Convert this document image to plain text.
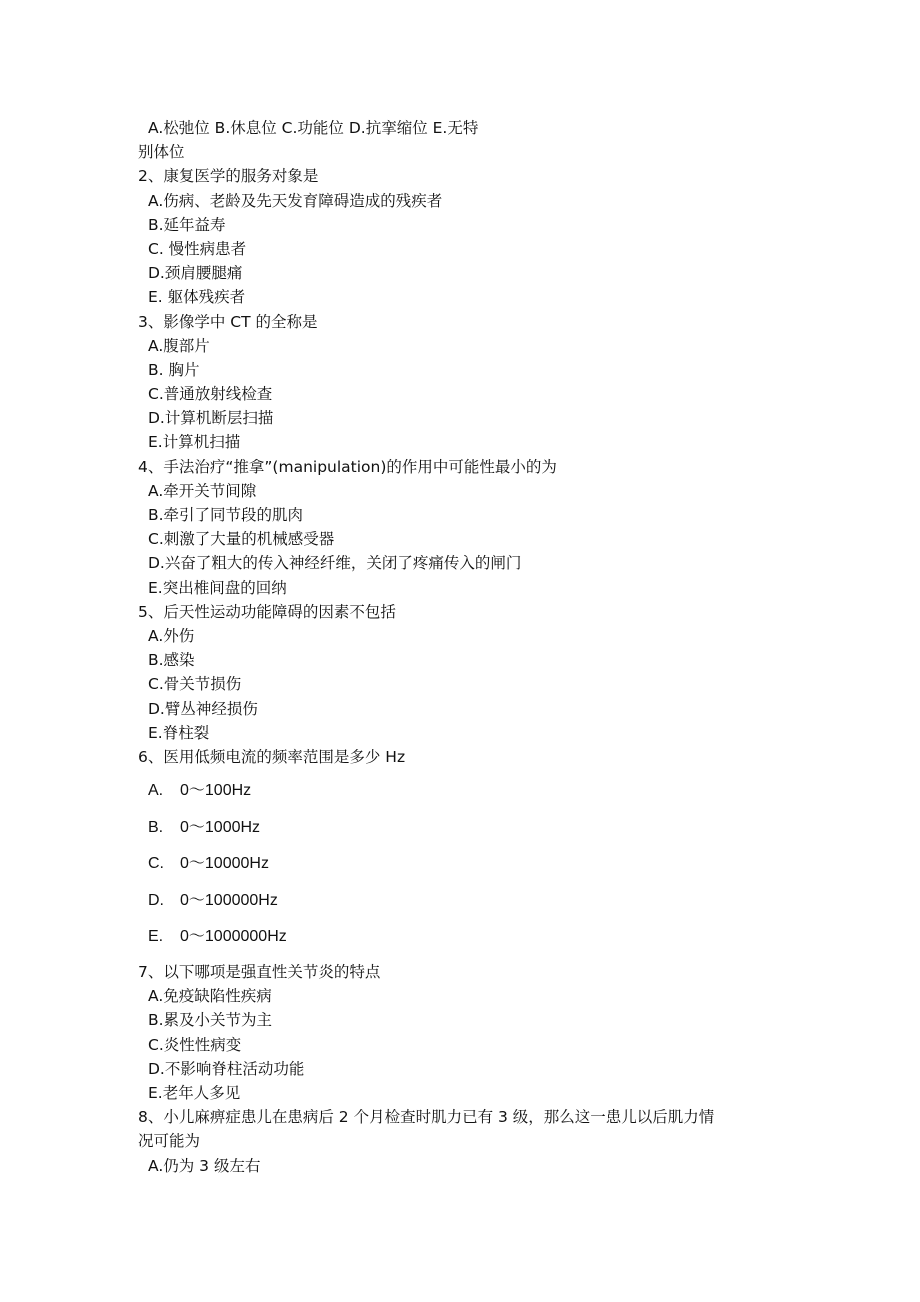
A.松弛位 B.休息位 C.功能位 D.抗挛缩位 E.无特
别体位
2、康复医学的服务对象是
A.伤病、老龄及先天发育障碍造成的残疾者
B.延年益寿
C. 慢性病患者
D.颈肩腰腿痛
E. 躯体残疾者
3、影像学中 CT 的全称是
A.腹部片
B. 胸片
C.普通放射线检查
D.计算机断层扫描
E.计算机扫描
4、手法治疗“推拿”(manipulation)的作用中可能性最小的为
A.牵开关节间隙
B.牵引了同节段的肌肉
C.刺激了大量的机械感受器
D.兴奋了粗大的传入神经纤维，关闭了疼痛传入的闸门
E.突出椎间盘的回纳
5、后天性运动功能障碍的因素不包括
A.外伤
B.感染
C.骨关节损伤
D.臂丛神经损伤
E.脊柱裂
6、医用低频电流的频率范围是多少 Hz
A. 0〜100Hz
B. 0〜1000Hz
C. 0〜10000Hz
D. 0〜100000Hz
E. 0〜1000000Hz
7、以下哪项是强直性关节炎的特点
A.免疫缺陷性疾病
B.累及小关节为主
C.炎性性病变
D.不影响脊柱活动功能
E.老年人多见
8、小儿麻痹症患儿在患病后 2 个月检查时肌力已有 3 级，那么这一患儿以后肌力情
况可能为
A.仍为 3 级左右
